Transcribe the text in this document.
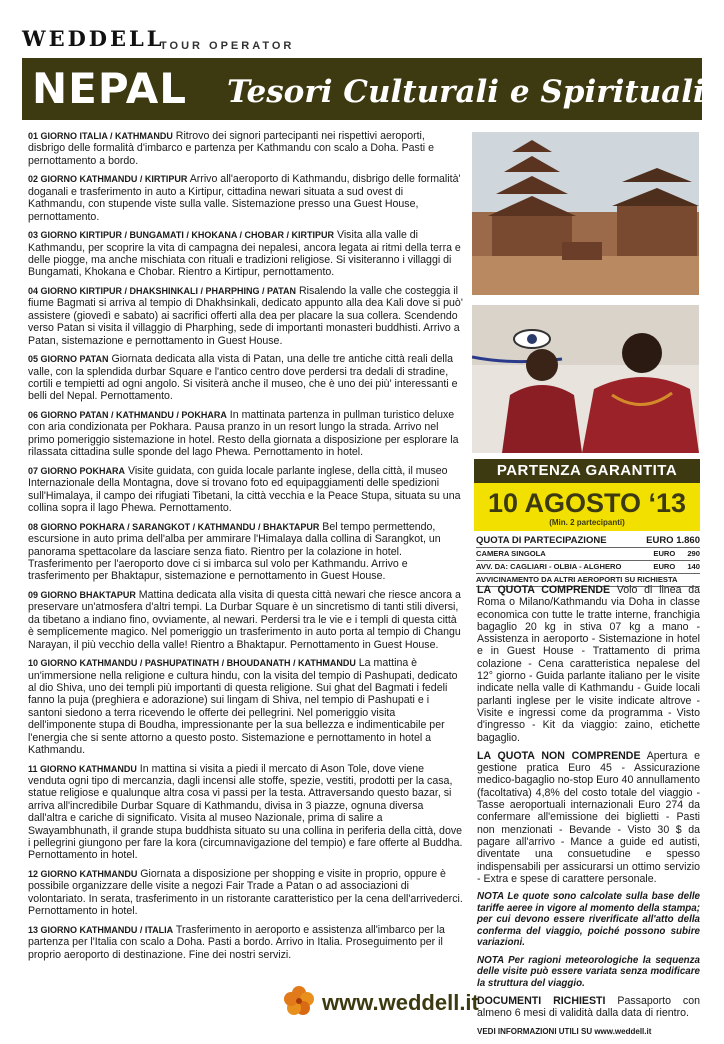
WEDDELL
TOUR OPERATOR
NEPAL Tesori Culturali e Spirituali

01 GIORNO ITALIA / KATHMANDU Ritrovo dei signori partecipanti nei rispettivi aeroporti, disbrigo delle formalità d'imbarco e partenza per Kathmandu con scalo a Doha. Pasti e pernottamento a bordo.

02 GIORNO KATHMANDU / KIRTIPUR Arrivo all'aeroporto di Kathmandu, disbrigo delle formalità' doganali e trasferimento in auto a Kirtipur, cittadina newari situata a sud ovest di Kathmandu, con stupende viste sulla valle. Sistemazione presso una Guest House, pernottamento.

03 GIORNO KIRTIPUR / BUNGAMATI / KHOKANA / CHOBAR / KIRTIPUR Visita alla valle di Kathmandu, per scoprire la vita di campagna dei nepalesi, ancora legata ai ritmi della terra e delle piogge, ma anche mischiata con rituali e tradizioni religiose. Si visiteranno i villaggi di Bungamati, Khokana e Chobar. Rientro a Kirtipur, pernottamento.

04 GIORNO KIRTIPUR / DHAKSHINKALI / PHARPHING / PATAN Risalendo la valle che costeggia il fiume Bagmati si arriva al tempio di Dhakhsinkali, dedicato appunto alla dea Kali dove si può' assistere (giovedì e sabato) ai sacrifici offerti alla dea per placare la sua collera. Scendendo verso Patan si visita il villaggio di Pharphing, sede di importanti monasteri buddhisti. Arrivo a Patan, sistemazione e pernottamento in Guest House.

05 GIORNO PATAN Giornata dedicata alla vista di Patan, una delle tre antiche città reali della valle, con la splendida durbar Square e l'antico centro dove perdersi tra dedali di stradine, cortili e tempietti ad ogni angolo. Si visiterà anche il museo, che è uno dei più' interessanti e belli del Nepal. Pernottamento.

06 GIORNO PATAN / KATHMANDU / POKHARA In mattinata partenza in pullman turistico deluxe con aria condizionata per Pokhara. Pausa pranzo in un resort lungo la strada. Arrivo nel primo pomeriggio sistemazione in hotel. Resto della giornata a disposizione per esplorare la rilassata cittadina sulle sponde del lago Phewa. Pernottamento in hotel.

07 GIORNO POKHARA Visite guidata, con guida locale parlante inglese, della città, il museo Internazionale della Montagna, dove si trovano foto ed equipaggiamenti delle spedizioni sull'Himalaya, il campo dei rifugiati Tibetani, la città vecchia e la Peace Stupa, situata su una collina sopra il lago Phewa. Pernottamento.

08 GIORNO POKHARA / SARANGKOT / KATHMANDU / BHAKTAPUR Bel tempo permettendo, escursione in auto prima dell'alba per ammirare l'Himalaya dalla collina di Sarangkot, un panorama spettacolare da lasciare senza fiato. Rientro per la colazione in hotel. Trasferimento per l'aeroporto dove ci si imbarca sul volo per Kathmandu. Arrivo e trasferimento per Bhaktapur, sistemazione e pernottamento in Guest House.

09 GIORNO BHAKTAPUR Mattina dedicata alla visita di questa città newari che riesce ancora a preservare un'atmosfera d'altri tempi. La Durbar Square è un sincretismo di tanti stili diversi, da tibetano a indiano fino, ovviamente, al newari. Perdersi tra le vie e i templi di questa città è semplicemente magico. Nel pomeriggio un trasferimento in auto porta al tempio di Changu Narayan, il più vecchio della valle! Rientro a Bhaktapur. Pernottamento in Guest House.

10 GIORNO KATHMANDU / PASHUPATINATH / BHOUDANATH / KATHMANDU La mattina è un'immersione nella religione e cultura hindu, con la visita del tempio di Pashupati, dedicato al dio Shiva, uno dei templi più importanti di questa religione. Sui ghat del Bagmati i fedeli fanno la puja (preghiera e adorazione) sui lingam di Shiva, nel tempio di Pashupati e i santoni siedono a terra ricevendo le offerte dei pellegrini. Nel pomeriggio visita dell'imponente stupa di Boudha, impressionante per la sua bellezza e indimenticabile per l'energia che si sente attorno a questo posto. Sistemazione e pernottamento in hotel a Kathmandu.

11 GIORNO KATHMANDU In mattina si visita a piedi il mercato di Ason Tole, dove viene venduta ogni tipo di mercanzia, dagli incensi alle stoffe, spezie, vestiti, prodotti per la casa, statue religiose e qualunque altra cosa vi passi per la testa. Attraversando questo bazar, si arriva all'incredibile Durbar Square di Kathmandu, divisa in 3 piazze, ognuna diversa dall'altra e cariche di significato. Visita al museo Nazionale, prima di salire a Swayambhunath, il grande stupa buddhista situato su una collina in periferia della città, dove i pellegrini giungono per fare la kora (circumnavigazione del tempio) e fare offerte al Buddha. Pernottamento in hotel.

12 GIORNO KATHMANDU Giornata a disposizione per shopping e visite in proprio, oppure è possibile organizzare delle visite a negozi Fair Trade a Patan o ad associazioni di volontariato. In serata, trasferimento in un ristorante caratteristico per la cena dell'arrivederci. Pernottamento in hotel.

13 GIORNO KATHMANDU / ITALIA Trasferimento in aeroporto e assistenza all'imbarco per la partenza per l'Italia con scalo a Doha. Pasti a bordo. Arrivo in Italia. Proseguimento per il proprio aeroporto di destinazione. Fine dei nostri servizi.

PARTENZA GARANTITA
10 AGOSTO ‘13
(Min. 2 partecipanti)
QUOTA DI PARTECIPAZIONE	EURO 1.860
CAMERA SINGOLA	EURO 290
AVV. DA: CAGLIARI - OLBIA - ALGHERO	EURO 140
AVVICINAMENTO DA ALTRI AEROPORTI SU RICHIESTA

LA QUOTA COMPRENDE Volo di linea da Roma o Milano/Kathmandu via Doha in classe economica con tutte le tratte interne, franchigia bagaglio 20 kg in stiva 07 kg a mano - Assistenza in aeroporto - Sistemazione in hotel e in Guest House - Trattamento di prima colazione - Cena caratteristica nepalese del 12° giorno - Guida parlante italiano per le visite indicate nella valle di Kathmandu - Guide locali parlanti inglese per le visite indicate altrove - Visite e ingressi come da programma - Visto d'ingresso - Kit da viaggio: zaino, etichette bagaglio.

LA QUOTA NON COMPRENDE Apertura e gestione pratica Euro 45 - Assicurazione medico-bagaglio no-stop Euro 40 annullamento (facoltativa) 4,8% del costo totale del viaggio - Tasse aeroportuali internazionali Euro 274 da confermare all'emissione dei biglietti - Pasti non menzionati - Bevande - Visto 30 $ da pagare all'arrivo - Mance a guide ed autisti, diventate una consuetudine e spesso indispensabili per assicurarsi un ottimo servizio - Extra e spese di carattere personale.

NOTA Le quote sono calcolate sulla base delle tariffe aeree in vigore al momento della stampa; per cui devono essere riverificate all'atto della conferma del viaggio, poiché possono subire variazioni.

NOTA Per ragioni meteorologiche la sequenza delle visite può essere variata senza modificare la struttura del viaggio.

DOCUMENTI RICHIESTI Passaporto con almeno 6 mesi di validità dalla data di rientro.

VEDI INFORMAZIONI UTILI SU www.weddell.it

www.weddell.it
